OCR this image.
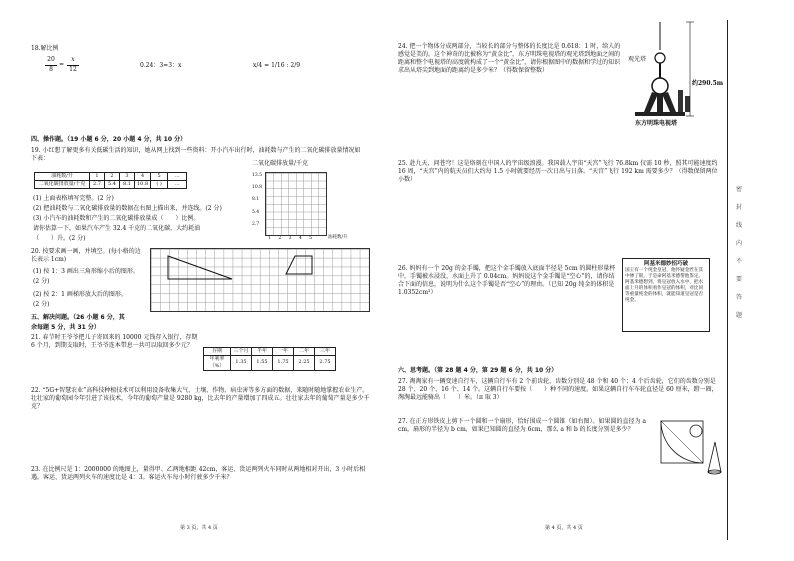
18.解比例
20
8
=
x
12
0.24：3=3：x	x/4 = 1/16 : 2/9
四、操作题。（19 小题 6 分，20 小题 4 分，共 10 分）
19. 小红想了解更多有关低碳生活的知识，她从网上找到一些资料：开小汽车出行时，油耗数与产生的二氧化碳排放量情况如下表：
油耗数/升	1	2	3	4	5	…
二氧化碳排放量/千克	2.7	5.4	8.1	10.8	( )	…
二氧化碳排放量/千克
13.5
10.8
8.1
5.4
2.7
1 2 3 4 5	油耗数/升
(1) 上面表格填写完整。(2 分)
(2) 把油耗数与二氧化碳排放量的数据在右图上描出来，并连线。(2 分)
(3) 小汽车的油耗数和产生的二氧化碳排放量成（　　）比例。
请你估算一下，如果汽车产生 32.4 千克的二氧化碳，大约耗油
（　　）升。(2 分)
20. 按要求画一画，并填空。(每小格的边长表示 1cm)
(1) 按 1：3 画出三角形缩小后的图形。
(2 分)
(2) 按 2：1 画梯形放大后的图形。
(2 分)
五、解决问题。（26 小题 6 分，其
余每题 5 分，共 31 分）
21. 春节时王爷爷把儿子寄回来的 10000 元钱存入银行，存期 6 个月，到期支取时，王爷爷连本带息一共可以取回多少元？
存期	三个月	半年	一年	二年	三年
年利率（%）	1.35	1.55	1.75	2.25	2.75
22. “5G+智慧农业”高科技种植技术可以利用设备收集大气、土壤、作物、病虫害等多方面的数据，来随时随地掌握农业生产。壮壮家的葡萄园今年引进了该技术，今年的葡萄产量是 9280 kg，比去年的产量增加了四成五。壮壮家去年的葡萄产量是多少千克？
23. 在比例尺是 1：2000000 的地图上，量得甲、乙两地相距 42cm，客运、货运两列火车同时从两地相对开出，3 小时后相遇。客运、货运两列火车的速度比是 4：3。客运火车每小时行驶多少千米？
第 3 页，共 4 页
24. 把一个物体分成两部分，当较长的部分与整体的长度比是 0.618：1 时，给人的感觉是美的。这个神奇的比被称为“黄金比”，东方明珠电视塔的观光塔到地面之间的距离和整个电视塔的高度就构成了一个“黄金比”，请你根据图中的数据和学过的知识求出从塔尖到地面的距离约是多少米？（得数保留整数）
观光塔
约290.5m
东方明珠电视塔
25. 赴九天，问苍穹！这是烙刻在中国人的宇宙级浪漫。我国载人宇宙“天宫”飞行 76.8km 仅需 10 秒，照其可能速度约 16 周，“天宫”内的航天员们大约每 1.5 小时就要经历一次日出与日落。“天宫”飞行 192 km 需要多少？（得数保留两位小数）
26. 妈妈有一个 20g 的金手镯，把这个金手镯放入底面半径是 5cm 的圆柱形量杯中，手镯被水浸没，水面上升了 0.04cm。妈妈说这个金手镯是“空心”的，请你结合下面的信息，说明为什么这个手镯是否“空心”的理由。（已知 20g 纯金的体积是 1.0352cm³）
阿基米德妙招巧破
国王有一个纯金皇冠，他怀疑金匠在其中掺了银，于是命阿基米德帮他鉴定。阿基米德想到，将皇冠放入水中，把水面上升的体积看作皇冠的体积，对比同等重量纯金的体积，就能知道皇冠是否纯金。
六、思考题。（第 28 题 4 分，第 29 题 6 分，共 10 分）
27. 淘淘家有一辆变速自行车，这辆自行车有 2 个前齿轮，齿数分别是 48 个和 40 个；4 个后齿轮，它们的齿数分别是 28 个、20 个、16 个、14 个。这辆自行车要按（　　）种不同的速度。如果这辆自行车车轮直径是 60 厘米，蹬一圈，淘淘最远能骑出（　　）米。（π 取 3）
27. 在正方形铁皮上剪下一个圆和一个扇形，恰好围成一个圆锥（如右图）。如果圆的直径为 a cm，扇形的半径为 b cm，如果已知圆的直径为 6cm，那么 a 和 b 的长度分别是多少？
第 4 页，共 4 页
密
封
线
内
不
要
答
题
